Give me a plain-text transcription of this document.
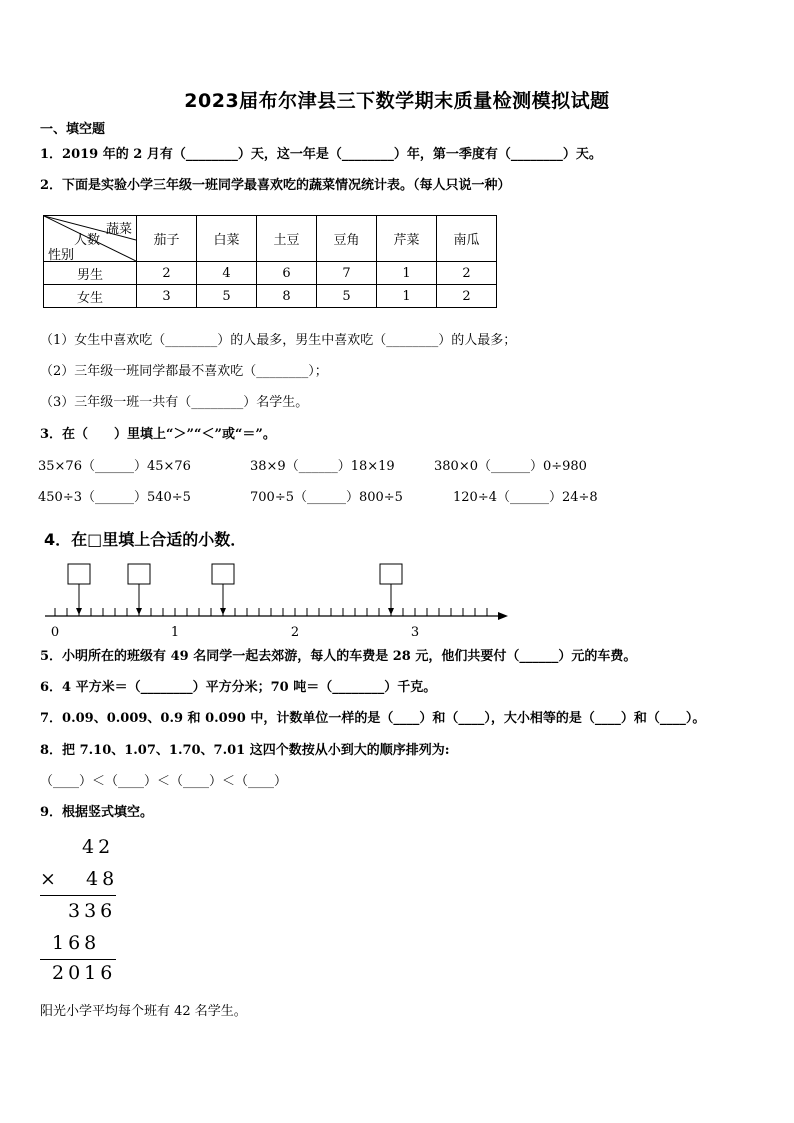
2023届布尔津县三下数学期末质量检测模拟试题
一、填空题
1．2019 年的 2 月有（________）天，这一年是（________）年，第一季度有（________）天。
2．下面是实验小学三年级一班同学最喜欢吃的蔬菜情况统计表。（每人只说一种）
蔬菜
人数
性别	茄子	白菜	土豆	豆角	芹菜	南瓜
男生	2	4	6	7	1	2
女生	3	5	8	5	1	2
（1）女生中喜欢吃（________）的人最多，男生中喜欢吃（________）的人最多；
（2）三年级一班同学都最不喜欢吃（________）；
（3）三年级一班一共有（________）名学生。
3．在（　　）里填上“＞”“＜”或“＝”。
35×76（______）45×76	38×9（______）18×19	380×0（______）0÷980
450÷3（______）540÷5	700÷5（______）800÷5	120÷4（______）24÷8
4．在□里填上合适的小数．
0	1	2	3
5．小明所在的班级有 49 名同学一起去郊游，每人的车费是 28 元，他们共要付（______）元的车费。
6．4 平方米＝（________）平方分米；70 吨＝（________）千克。
7．0.09、0.009、0.9 和 0.090 中，计数单位一样的是（____）和（____），大小相等的是（____）和（____）。
8．把 7.10、1.07、1.70、7.01 这四个数按从小到大的顺序排列为:
（____）＜（____）＜（____）＜（____）
9．根据竖式填空。
42
× 48
336
168
2016
阳光小学平均每个班有 42 名学生。
